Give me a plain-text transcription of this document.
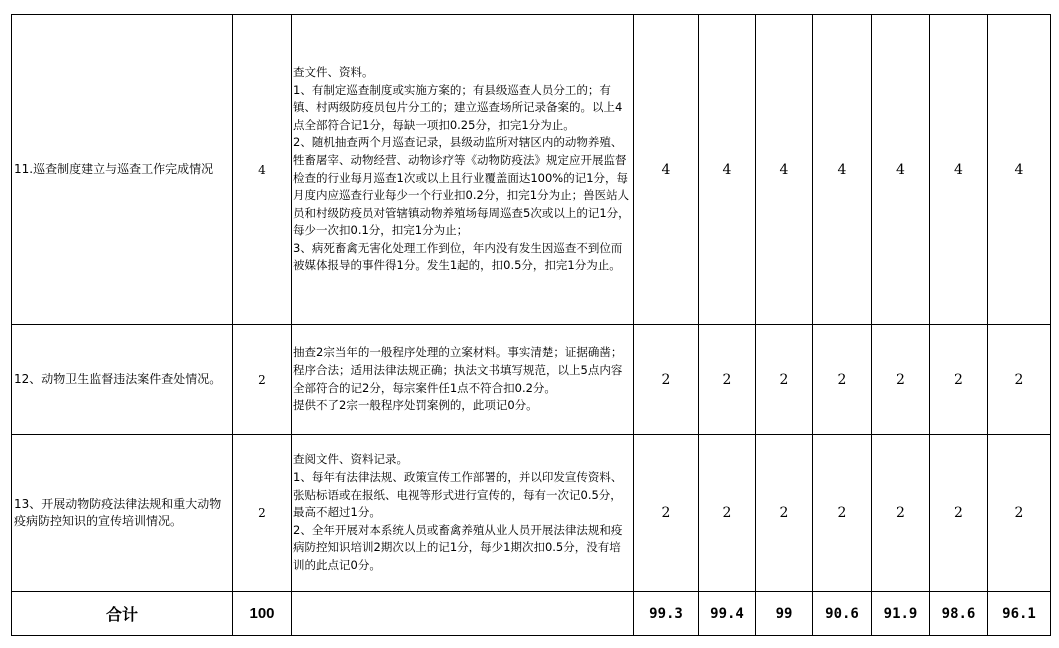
11.巡查制度建立与巡查工作完成情况	4	查文件、资料。
1、有制定巡查制度或实施方案的；有县级巡查人员分工的；有镇、村两级防疫员包片分工的；建立巡查场所记录备案的。以上4点全部符合记1分，每缺一项扣0.25分，扣完1分为止。
2、随机抽查两个月巡查记录，县级动监所对辖区内的动物养殖、牲畜屠宰、动物经营、动物诊疗等《动物防疫法》规定应开展监督检查的行业每月巡查1次或以上且行业覆盖面达100%的记1分，每月度内应巡查行业每少一个行业扣0.2分，扣完1分为止；兽医站人员和村级防疫员对管辖镇动物养殖场每周巡查5次或以上的记1分，每少一次扣0.1分，扣完1分为止；
3、病死畜禽无害化处理工作到位，年内没有发生因巡查不到位而被媒体报导的事件得1分。发生1起的，扣0.5分，扣完1分为止。	4	4	4	4	4	4	4
12、动物卫生监督违法案件查处情况。	2	抽查2宗当年的一般程序处理的立案材料。事实清楚；证据确凿；程序合法；适用法律法规正确；执法文书填写规范，以上5点内容全部符合的记2分，每宗案件任1点不符合扣0.2分。
提供不了2宗一般程序处罚案例的，此项记0分。	2	2	2	2	2	2	2
13、开展动物防疫法律法规和重大动物疫病防控知识的宣传培训情况。	2	查阅文件、资料记录。
1、每年有法律法规、政策宣传工作部署的，并以印发宣传资料、张贴标语或在报纸、电视等形式进行宣传的，每有一次记0.5分，最高不超过1分。
2、全年开展对本系统人员或畜禽养殖从业人员开展法律法规和疫病防控知识培训2期次以上的记1分，每少1期次扣0.5分，没有培训的此点记0分。	2	2	2	2	2	2	2
合计	100		99.3	99.4	99	90.6	91.9	98.6	96.1
